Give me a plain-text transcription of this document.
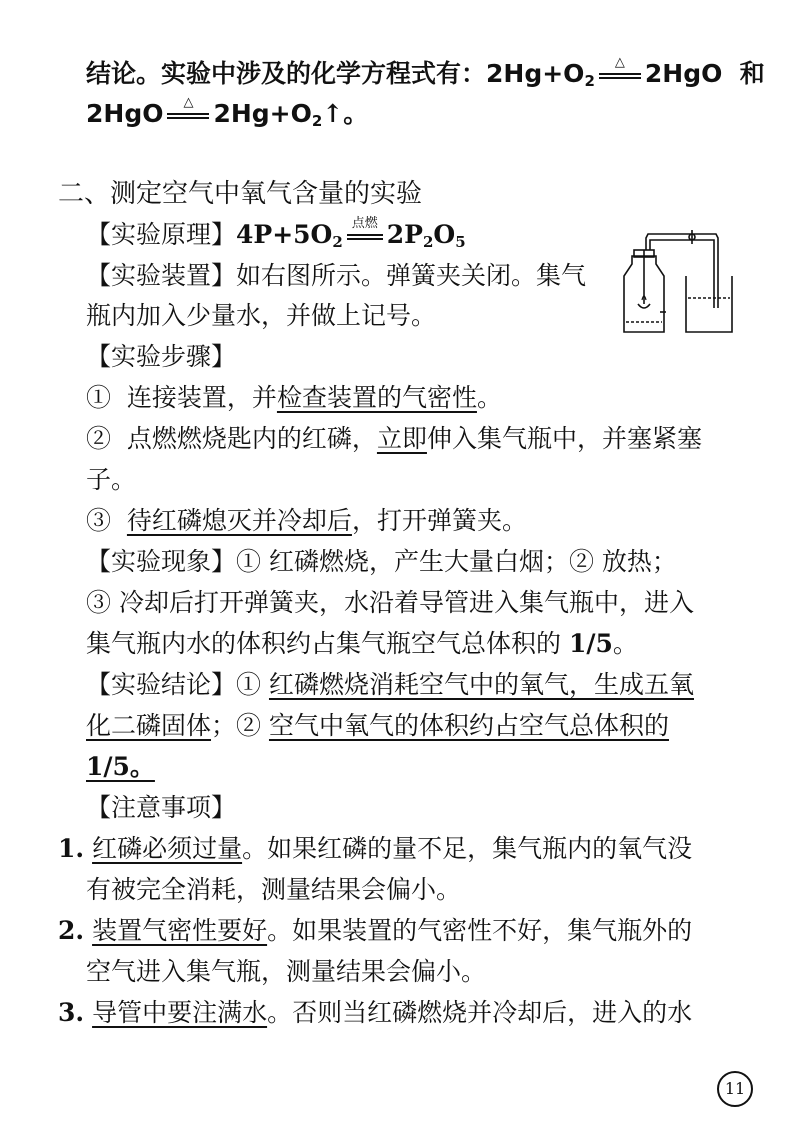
结论。实验中涉及的化学方程式有：$2Hg+O_2$
△ 2HgO 和
2HgO	△ $2Hg+O_2↑$。
二、测定空气中氧气含量的实验
【实验原理】$4P+5O_2$
点燃 $2P_2O_5$
【实验装置】如右图所示。弹簧夹关闭。集气
瓶内加入少量水，并做上记号。
【实验步骤】
① 连接装置，并检查装置的气密性。
② 点燃燃烧匙内的红磷，立即伸入集气瓶中，并塞紧塞
子。
③ 待红磷熄灭并冷却后，打开弹簧夹。
【实验现象】① 红磷燃烧，产生大量白烟；② 放热；
③ 冷却后打开弹簧夹，水沿着导管进入集气瓶中，进入
集气瓶内水的体积约占集气瓶空气总体积的 1/5。
【实验结论】① 红磷燃烧消耗空气中的氧气，生成五氧
化二磷固体；② 空气中氧气的体积约占空气总体积的
1/5。
【注意事项】
1. 红磷必须过量。如果红磷的量不足，集气瓶内的氧气没
有被完全消耗，测量结果会偏小。
2. 装置气密性要好。如果装置的气密性不好，集气瓶外的
空气进入集气瓶，测量结果会偏小。
3. 导管中要注满水。否则当红磷燃烧并冷却后，进入的水
11
